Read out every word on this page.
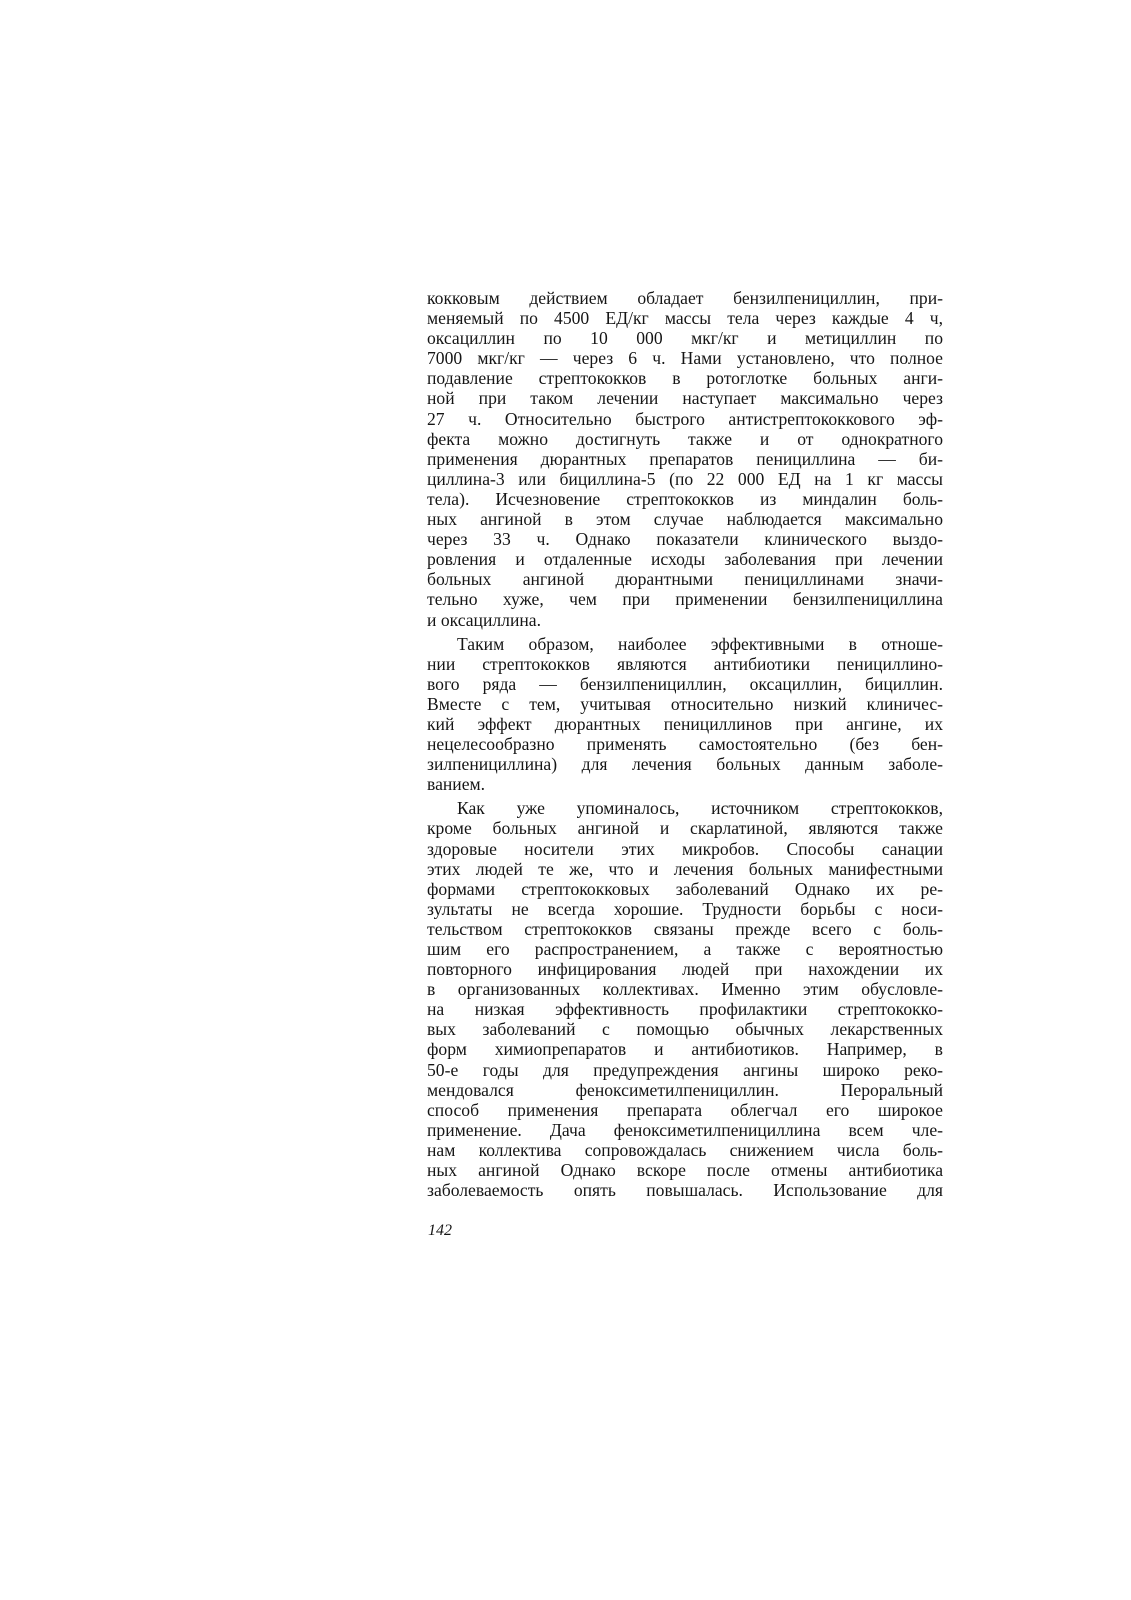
кокковым действием обладает бензилпенициллин, при-
меняемый по 4500 ЕД/кг массы тела через каждые 4 ч,
оксациллин по 10 000 мкг/кг и метициллин по
7000 мкг/кг — через 6 ч. Нами установлено, что полное
подавление стрептококков в ротоглотке больных анги-
ной при таком лечении наступает максимально через
27 ч. Относительно быстрого антистрептококкового эф-
фекта можно достигнуть также и от однократного
применения дюрантных препаратов пенициллина — би-
циллина-3 или бициллина-5 (по 22 000 ЕД на 1 кг массы
тела). Исчезновение стрептококков из миндалин боль-
ных ангиной в этом случае наблюдается максимально
через 33 ч. Однако показатели клинического выздо-
ровления и отдаленные исходы заболевания при лечении
больных ангиной дюрантными пенициллинами значи-
тельно хуже, чем при применении бензилпенициллина
и оксациллина.
Таким образом, наиболее эффективными в отноше-
нии стрептококков являются антибиотики пенициллино-
вого ряда — бензилпенициллин, оксациллин, бициллин.
Вместе с тем, учитывая относительно низкий клиничес-
кий эффект дюрантных пенициллинов при ангине, их
нецелесообразно применять самостоятельно (без бен-
зилпенициллина) для лечения больных данным заболе-
ванием.
Как уже упоминалось, источником стрептококков,
кроме больных ангиной и скарлатиной, являются также
здоровые носители этих микробов. Способы санации
этих людей те же, что и лечения больных манифестными
формами стрептококковых заболеваний Однако их ре-
зультаты не всегда хорошие. Трудности борьбы с носи-
тельством стрептококков связаны прежде всего с боль-
шим его распространением, а также с вероятностью
повторного инфицирования людей при нахождении их
в организованных коллективах. Именно этим обусловле-
на низкая эффективность профилактики стрептококко-
вых заболеваний с помощью обычных лекарственных
форм химиопрепаратов и антибиотиков. Например, в
50-е годы для предупреждения ангины широко реко-
мендовался феноксиметилпенициллин. Пероральный
способ применения препарата облегчал его широкое
применение. Дача феноксиметилпенициллина всем чле-
нам коллектива сопровождалась снижением числа боль-
ных ангиной Однако вскоре после отмены антибиотика
заболеваемость опять повышалась. Использование для
142
